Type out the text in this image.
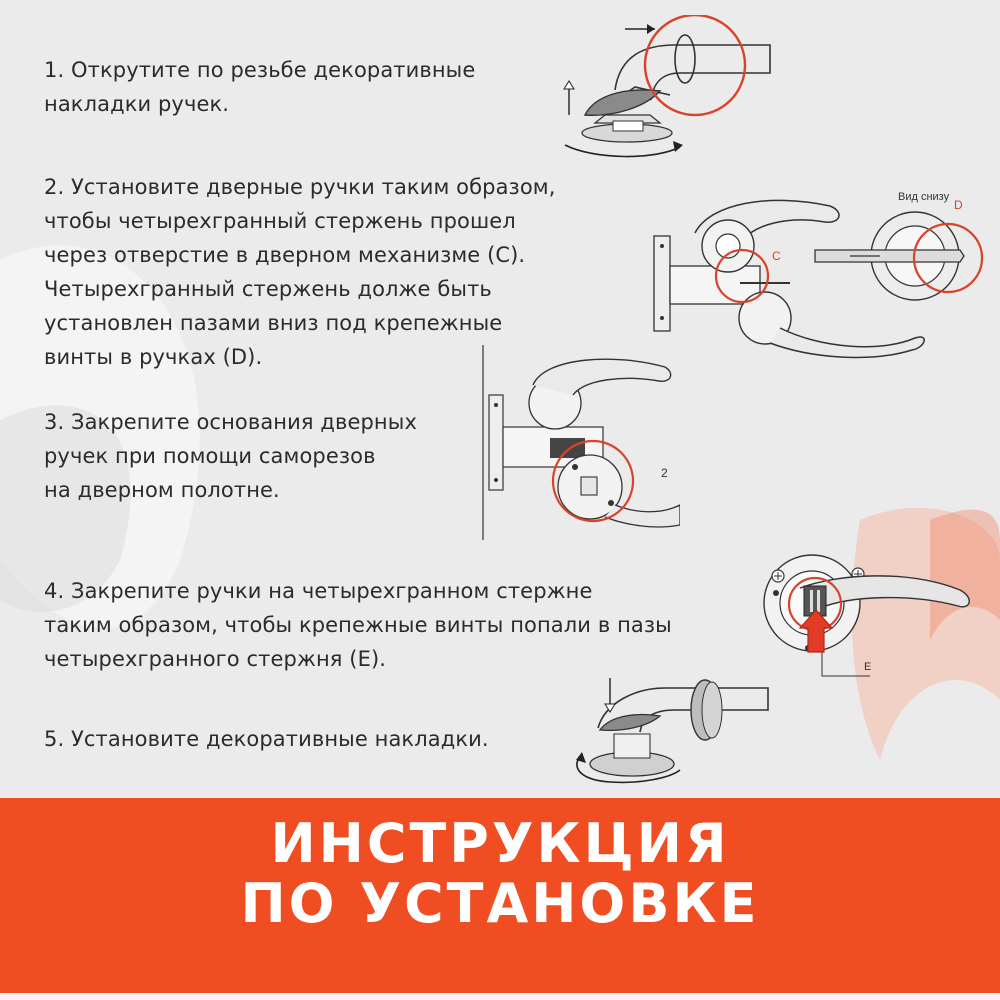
1. Открутите по резьбе декоративные

накладки ручек.

2. Установите дверные ручки таким образом,

чтобы четырехгранный стержень прошел

через отверстие в дверном механизме (С).

Четырехгранный стержень долже быть

установлен пазами вниз под крепежные

винты в ручках (D).

3. Закрепите основания дверных

ручек при помощи саморезов

на дверном полотне.

4. Закрепите ручки на четырехгранном стержне

таким образом, чтобы крепежные винты попали в пазы

четырехгранного стержня (Е).

5. Установите декоративные накладки.

C
Вид снизу
D
2
E
ИНСТРУКЦИЯ
ПО УСТАНОВКЕ
